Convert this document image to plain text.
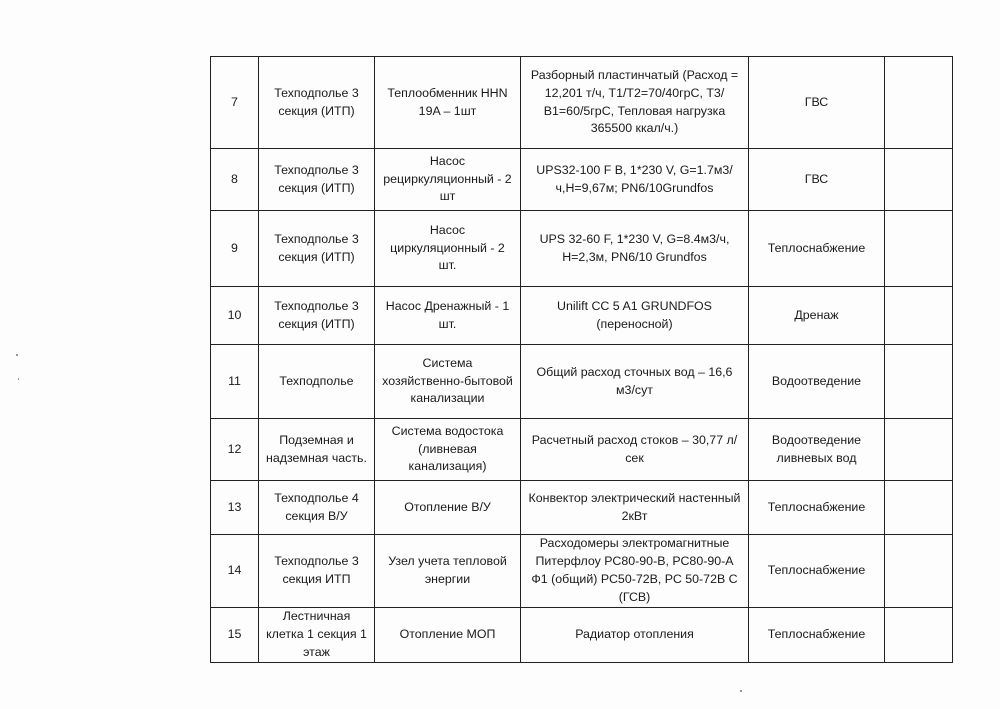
7	Техподполье 3 секция (ИТП)	Теплообменник HHN 19A – 1шт	Разборный пластинчатый (Расход = 12,201 т/ч, Т1/Т2=70/40грС, Т3/В1=60/5грС, Тепловая нагрузка 365500 ккал/ч.)	ГВС	
8	Техподполье 3 секция (ИТП)	Насос рециркуляционный - 2 шт	UPS32-100 F B, 1*230 V, G=1.7м3/ч,H=9,67м; PN6/10Grundfos	ГВС	
9	Техподполье 3 секция (ИТП)	Насос циркуляционный - 2 шт.	UPS 32-60 F, 1*230 V, G=8.4м3/ч, H=2,3м, PN6/10 Grundfos	Теплоснабжение	
10	Техподполье 3 секция (ИТП)	Насос Дренажный - 1 шт.	Unilift CC 5 A1 GRUNDFOS (переносной)	Дренаж	
11	Техподполье	Система хозяйственно-бытовой канализации	Общий расход сточных вод – 16,6 м3/сут	Водоотведение	
12	Подземная и надземная часть.	Система водостока (ливневая канализация)	Расчетный расход стоков – 30,77 л/сек	Водоотведение ливневых вод	
13	Техподполье 4 секция В/У	Отопление В/У	Конвектор электрический настенный 2кВт	Теплоснабжение	
14	Техподполье 3 секция ИТП	Узел учета тепловой энергии	Расходомеры электромагнитные Питерфлоу РС80-90-В, РС80-90-А Ф1 (общий) РС50-72В, РС 50-72В С (ГСВ)	Теплоснабжение	
15	Лестничная клетка 1 секция 1 этаж	Отопление МОП	Радиатор отопления	Теплоснабжение	
